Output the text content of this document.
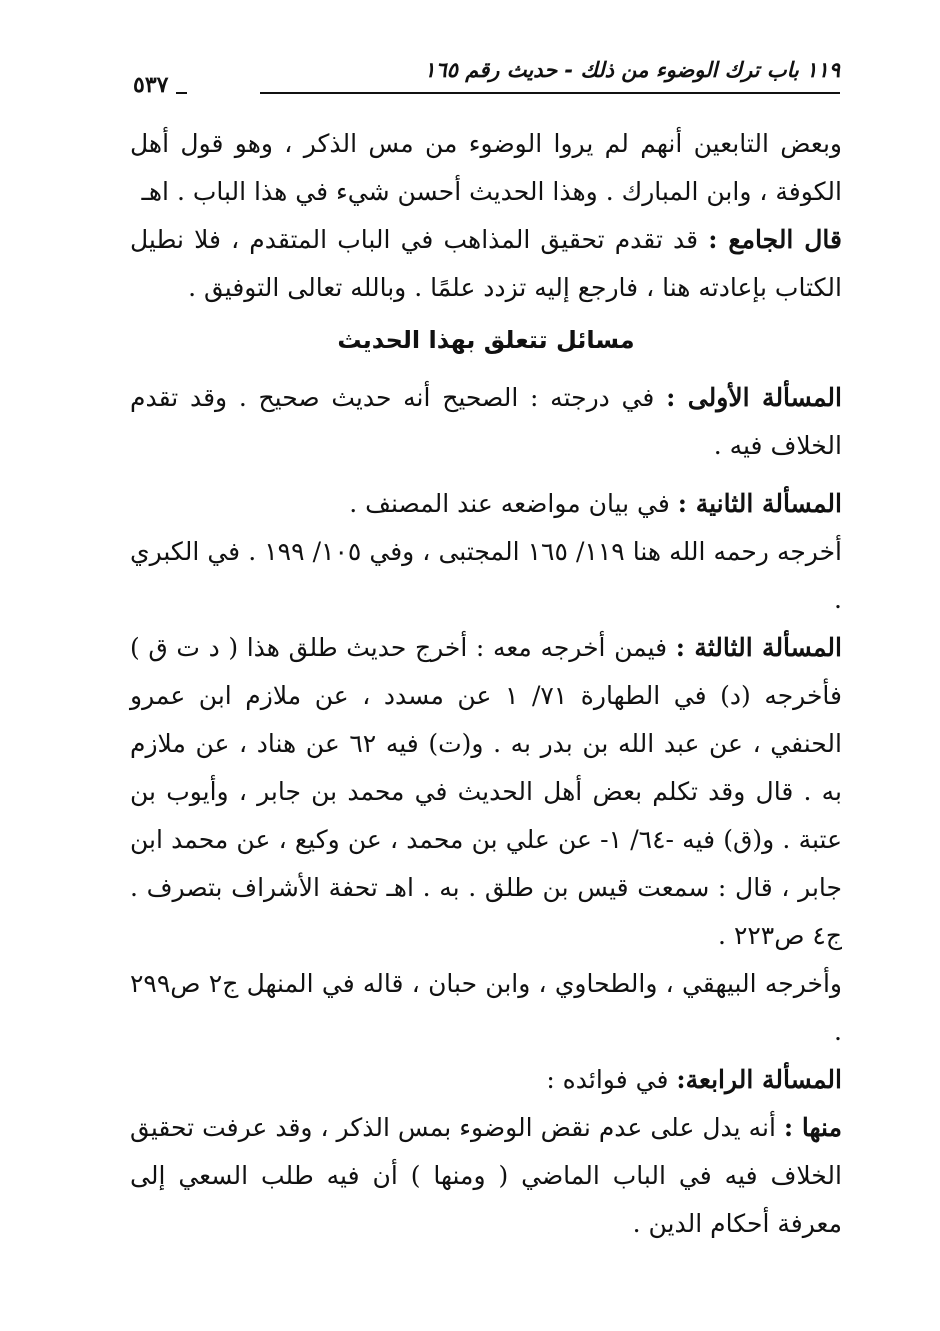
١١٩ باب ترك الوضوء من ذلك - حديث رقم ١٦٥
٥٣٧

وبعض التابعين أنهم لم يروا الوضوء من مس الذكر ، وهو قول أهل الكوفة ، وابن المبارك . وهذا الحديث أحسن شيء في هذا الباب . اهـ

قال الجامع : قد تقدم تحقيق المذاهب في الباب المتقدم ، فلا نطيل الكتاب بإعادته هنا ، فارجع إليه تزدد علمًا . وبالله تعالى التوفيق .

مسائل تتعلق بهذا الحديث

المسألة الأولى : في درجته : الصحيح أنه حديث صحيح . وقد تقدم الخلاف فيه .

المسألة الثانية : في بيان مواضعه عند المصنف .

أخرجه رحمه الله هنا ١١٩/ ١٦٥ المجتبى ، وفي ١٠٥/ ١٩٩ . في الكبري .

المسألة الثالثة : فيمن أخرجه معه : أخرج حديث طلق هذا ( د ت ق ) فأخرجه (د) في الطهارة ٧١/ ١ عن مسدد ، عن ملازم ابن عمرو الحنفي ، عن عبد الله بن بدر به . و(ت) فيه ٦٢ عن هناد ، عن ملازم به . قال وقد تكلم بعض أهل الحديث في محمد بن جابر ، وأيوب بن عتبة . و(ق) فيه -٦٤/ ١- عن علي بن محمد ، عن وكيع ، عن محمد ابن جابر ، قال : سمعت قيس بن طلق . به . اهـ تحفة الأشراف بتصرف . ج٤ ص٢٢٣ .

وأخرجه البيهقي ، والطحاوي ، وابن حبان ، قاله في المنهل ج٢ ص٢٩٩ .

المسألة الرابعة: في فوائده :

منها : أنه يدل على عدم نقض الوضوء بمس الذكر ، وقد عرفت تحقيق الخلاف فيه في الباب الماضي ( ومنها ) أن فيه طلب السعي إلى معرفة أحكام الدين .
